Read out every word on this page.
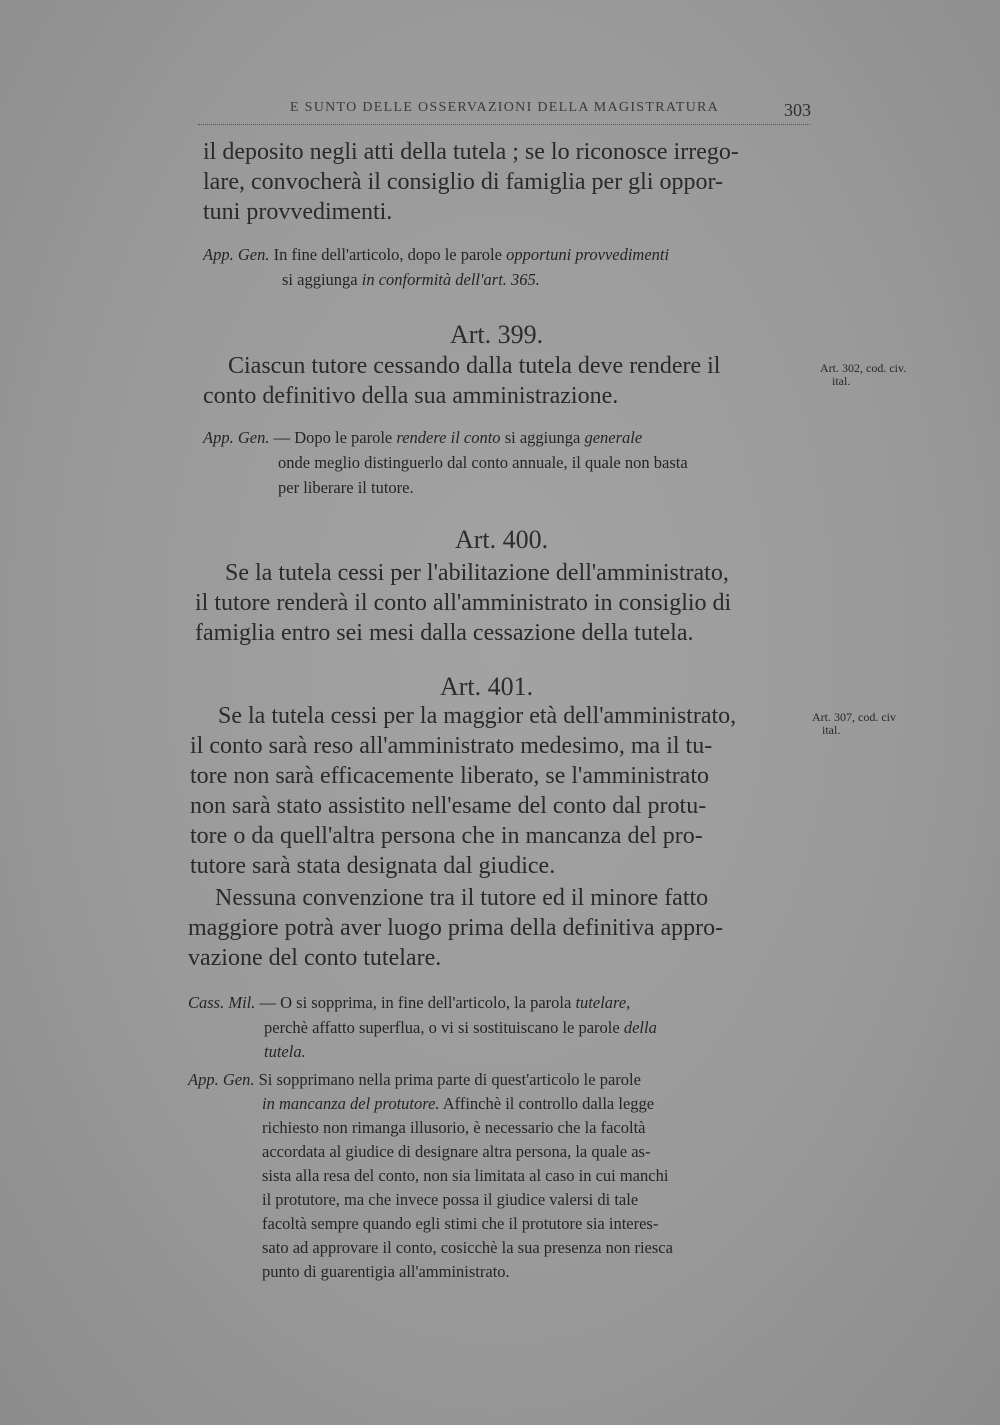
E SUNTO DELLE OSSERVAZIONI DELLA MAGISTRATURA	303
il deposito negli atti della tutela ; se lo riconosce irrego-
lare, convocherà il consiglio di famiglia per gli oppor-
tuni provvedimenti.
App. Gen. In fine dell'articolo, dopo le parole opportuni provvedimenti
si aggiunga in conformità dell'art. 365.
Art. 399.
Ciascun tutore cessando dalla tutela deve rendere il
conto definitivo della sua amministrazione.
Art. 302, cod. civ.
ital.
App. Gen. — Dopo le parole rendere il conto si aggiunga generale
onde meglio distinguerlo dal conto annuale, il quale non basta
per liberare il tutore.
Art. 400.
Se la tutela cessi per l'abilitazione dell'amministrato,
il tutore renderà il conto all'amministrato in consiglio di
famiglia entro sei mesi dalla cessazione della tutela.
Art. 401.
Art. 307, cod. civ
ital.
Se la tutela cessi per la maggior età dell'amministrato,
il conto sarà reso all'amministrato medesimo, ma il tu-
tore non sarà efficacemente liberato, se l'amministrato
non sarà stato assistito nell'esame del conto dal protu-
tore o da quell'altra persona che in mancanza del pro-
tutore sarà stata designata dal giudice.
Nessuna convenzione tra il tutore ed il minore fatto
maggiore potrà aver luogo prima della definitiva appro-
vazione del conto tutelare.
Cass. Mil. — O si sopprima, in fine dell'articolo, la parola tutelare,
perchè affatto superflua, o vi si sostituiscano le parole della
tutela.
App. Gen. Si sopprimano nella prima parte di quest'articolo le parole
in mancanza del protutore. Affinchè il controllo dalla legge
richiesto non rimanga illusorio, è necessario che la facoltà
accordata al giudice di designare altra persona, la quale as-
sista alla resa del conto, non sia limitata al caso in cui manchi
il protutore, ma che invece possa il giudice valersi di tale
facoltà sempre quando egli stimi che il protutore sia interes-
sato ad approvare il conto, cosicchè la sua presenza non riesca
punto di guarentigia all'amministrato.
